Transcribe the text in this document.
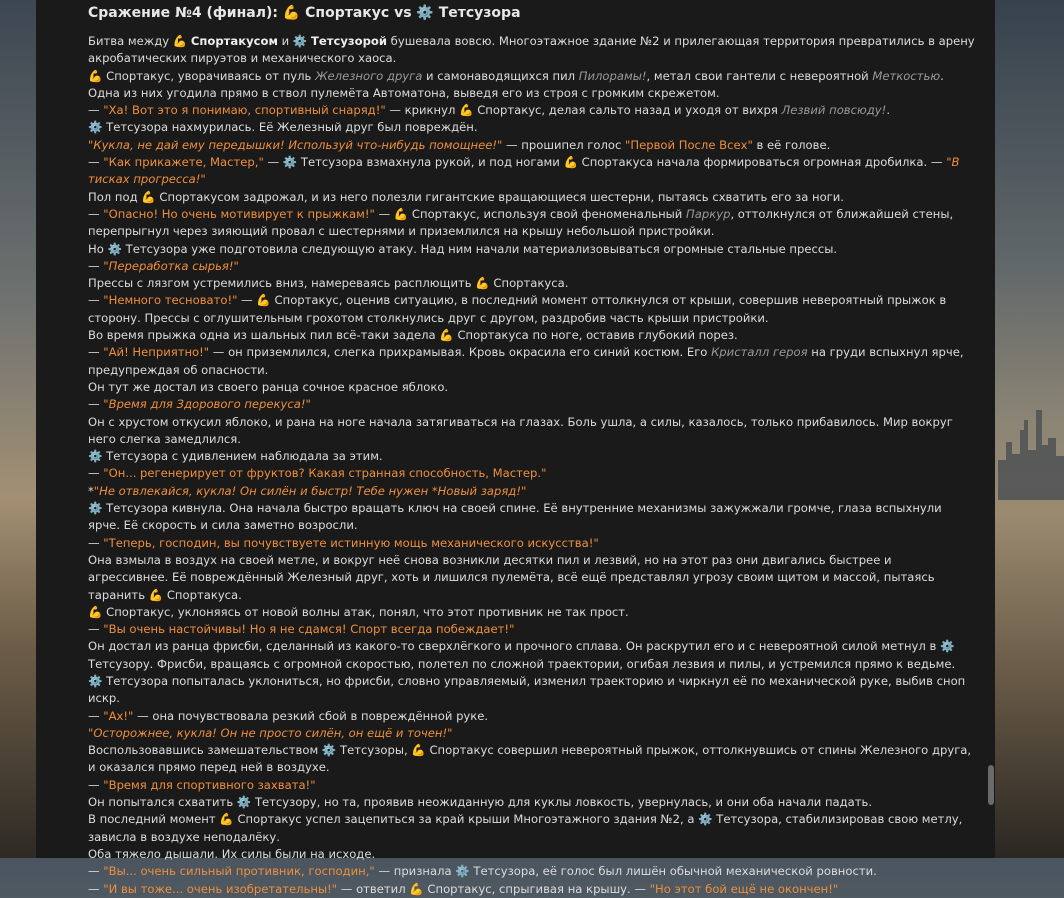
Сражение №4 (финал): 💪 Спортакус vs ⚙️ Тетсузора

Битва между 💪 Спортакусом и ⚙️ Тетсузорой бушевала вовсю. Многоэтажное здание №2 и прилегающая территория превратились в арену акробатических пируэтов и механического хаоса.

💪 Спортакус, уворачиваясь от пуль Железного друга и самонаводящихся пил Пилорамы!, метал свои гантели с невероятной Меткостью. Одна из них угодила прямо в ствол пулемёта Автоматона, выведя его из строя с громким скрежетом.

— "Ха! Вот это я понимаю, спортивный снаряд!" — крикнул 💪 Спортакус, делая сальто назад и уходя от вихря Лезвий повсюду!.

⚙️ Тетсузора нахмурилась. Её Железный друг был повреждён.

"Кукла, не дай ему передышки! Используй что-нибудь помощнее!" — прошипел голос "Первой После Всех" в её голове.

— "Как прикажете, Мастер," — ⚙️ Тетсузора взмахнула рукой, и под ногами 💪 Спортакуса начала формироваться огромная дробилка. — "В тисках прогресса!"

Пол под 💪 Спортакусом задрожал, и из него полезли гигантские вращающиеся шестерни, пытаясь схватить его за ноги.

— "Опасно! Но очень мотивирует к прыжкам!" — 💪 Спортакус, используя свой феноменальный Паркур, оттолкнулся от ближайшей стены, перепрыгнул через зияющий провал с шестернями и приземлился на крышу небольшой пристройки.

Но ⚙️ Тетсузора уже подготовила следующую атаку. Над ним начали материализовываться огромные стальные прессы.

— "Переработка сырья!"

Прессы с лязгом устремились вниз, намереваясь расплющить 💪 Спортакуса.

— "Немного тесновато!" — 💪 Спортакус, оценив ситуацию, в последний момент оттолкнулся от крыши, совершив невероятный прыжок в сторону. Прессы с оглушительным грохотом столкнулись друг с другом, раздробив часть крыши пристройки.

Во время прыжка одна из шальных пил всё-таки задела 💪 Спортакуса по ноге, оставив глубокий порез.

— "Ай! Неприятно!" — он приземлился, слегка прихрамывая. Кровь окрасила его синий костюм. Его Кристалл героя на груди вспыхнул ярче, предупреждая об опасности.

Он тут же достал из своего ранца сочное красное яблоко.

— "Время для Здорового перекуса!"

Он с хрустом откусил яблоко, и рана на ноге начала затягиваться на глазах. Боль ушла, а силы, казалось, только прибавилось. Мир вокруг него слегка замедлился.

⚙️ Тетсузора с удивлением наблюдала за этим.

— "Он... регенерирует от фруктов? Какая странная способность, Мастер."

*"Не отвлекайся, кукла! Он силён и быстр! Тебе нужен *Новый заряд!"

⚙️ Тетсузора кивнула. Она начала быстро вращать ключ на своей спине. Её внутренние механизмы зажужжали громче, глаза вспыхнули ярче. Её скорость и сила заметно возросли.

— "Теперь, господин, вы почувствуете истинную мощь механического искусства!"

Она взмыла в воздух на своей метле, и вокруг неё снова возникли десятки пил и лезвий, но на этот раз они двигались быстрее и агрессивнее. Её повреждённый Железный друг, хоть и лишился пулемёта, всё ещё представлял угрозу своим щитом и массой, пытаясь таранить 💪 Спортакуса.

💪 Спортакус, уклоняясь от новой волны атак, понял, что этот противник не так прост.

— "Вы очень настойчивы! Но я не сдамся! Спорт всегда побеждает!"

Он достал из ранца фрисби, сделанный из какого-то сверхлёгкого и прочного сплава. Он раскрутил его и с невероятной силой метнул в ⚙️ Тетсузору. Фрисби, вращаясь с огромной скоростью, полетел по сложной траектории, огибая лезвия и пилы, и устремился прямо к ведьме.

⚙️ Тетсузора попыталась уклониться, но фрисби, словно управляемый, изменил траекторию и чиркнул её по механической руке, выбив сноп искр.

— "Ах!" — она почувствовала резкий сбой в повреждённой руке.

"Осторожнее, кукла! Он не просто силён, он ещё и точен!"

Воспользовавшись замешательством ⚙️ Тетсузоры, 💪 Спортакус совершил невероятный прыжок, оттолкнувшись от спины Железного друга, и оказался прямо перед ней в воздухе.

— "Время для спортивного захвата!"

Он попытался схватить ⚙️ Тетсузору, но та, проявив неожиданную для куклы ловкость, увернулась, и они оба начали падать.

В последний момент 💪 Спортакус успел зацепиться за край крыши Многоэтажного здания №2, а ⚙️ Тетсузора, стабилизировав свою метлу, зависла в воздухе неподалёку.

Оба тяжело дышали. Их силы были на исходе.

— "Вы... очень сильный противник, господин," — признала ⚙️ Тетсузора, её голос был лишён обычной механической ровности.

— "И вы тоже... очень изобретательны!" — ответил 💪 Спортакус, спрыгивая на крышу. — "Но этот бой ещё не окончен!"
